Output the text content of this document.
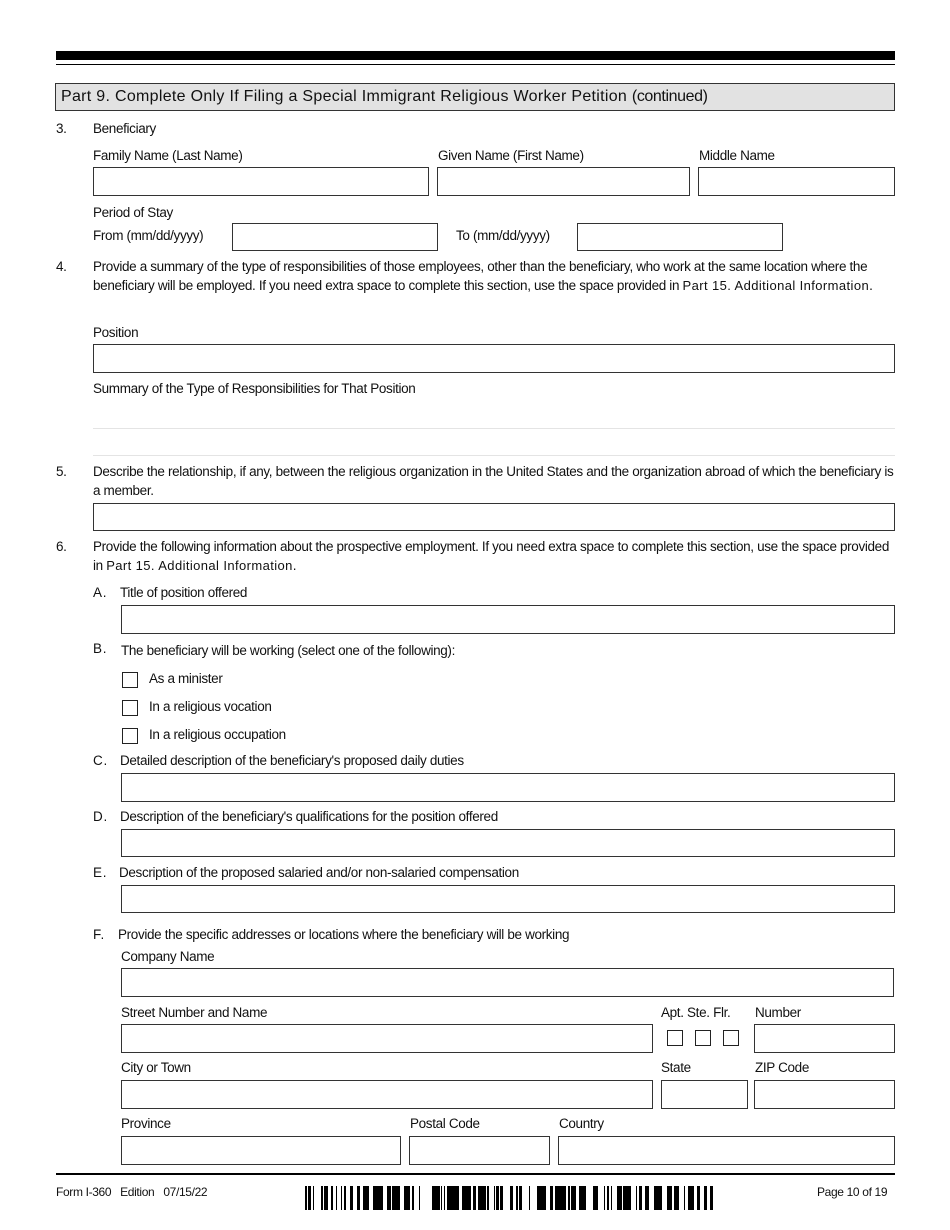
Part 9. Complete Only If Filing a Special Immigrant Religious Worker Petition (continued)
3. Beneficiary
Family Name (Last Name)	Given Name (First Name)	Middle Name
Period of Stay
From (mm/dd/yyyy)	To (mm/dd/yyyy)
4. Provide a summary of the type of responsibilities of those employees, other than the beneficiary, who work at the same location where the beneficiary will be employed. If you need extra space to complete this section, use the space provided in Part 15. Additional Information.
Position
Summary of the Type of Responsibilities for That Position
5. Describe the relationship, if any, between the religious organization in the United States and the organization abroad of which the beneficiary is a member.
6. Provide the following information about the prospective employment. If you need extra space to complete this section, use the space provided in Part 15. Additional Information.
A. Title of position offered
B. The beneficiary will be working (select one of the following):
As a minister
In a religious vocation
In a religious occupation
C. Detailed description of the beneficiary's proposed daily duties
D. Description of the beneficiary's qualifications for the position offered
E. Description of the proposed salaried and/or non-salaried compensation
F. Provide the specific addresses or locations where the beneficiary will be working
Company Name
Street Number and Name	Apt. Ste. Flr. Number
City or Town	State	ZIP Code
Province	Postal Code	Country
Form I-360   Edition   07/15/22	Page 10 of 19
